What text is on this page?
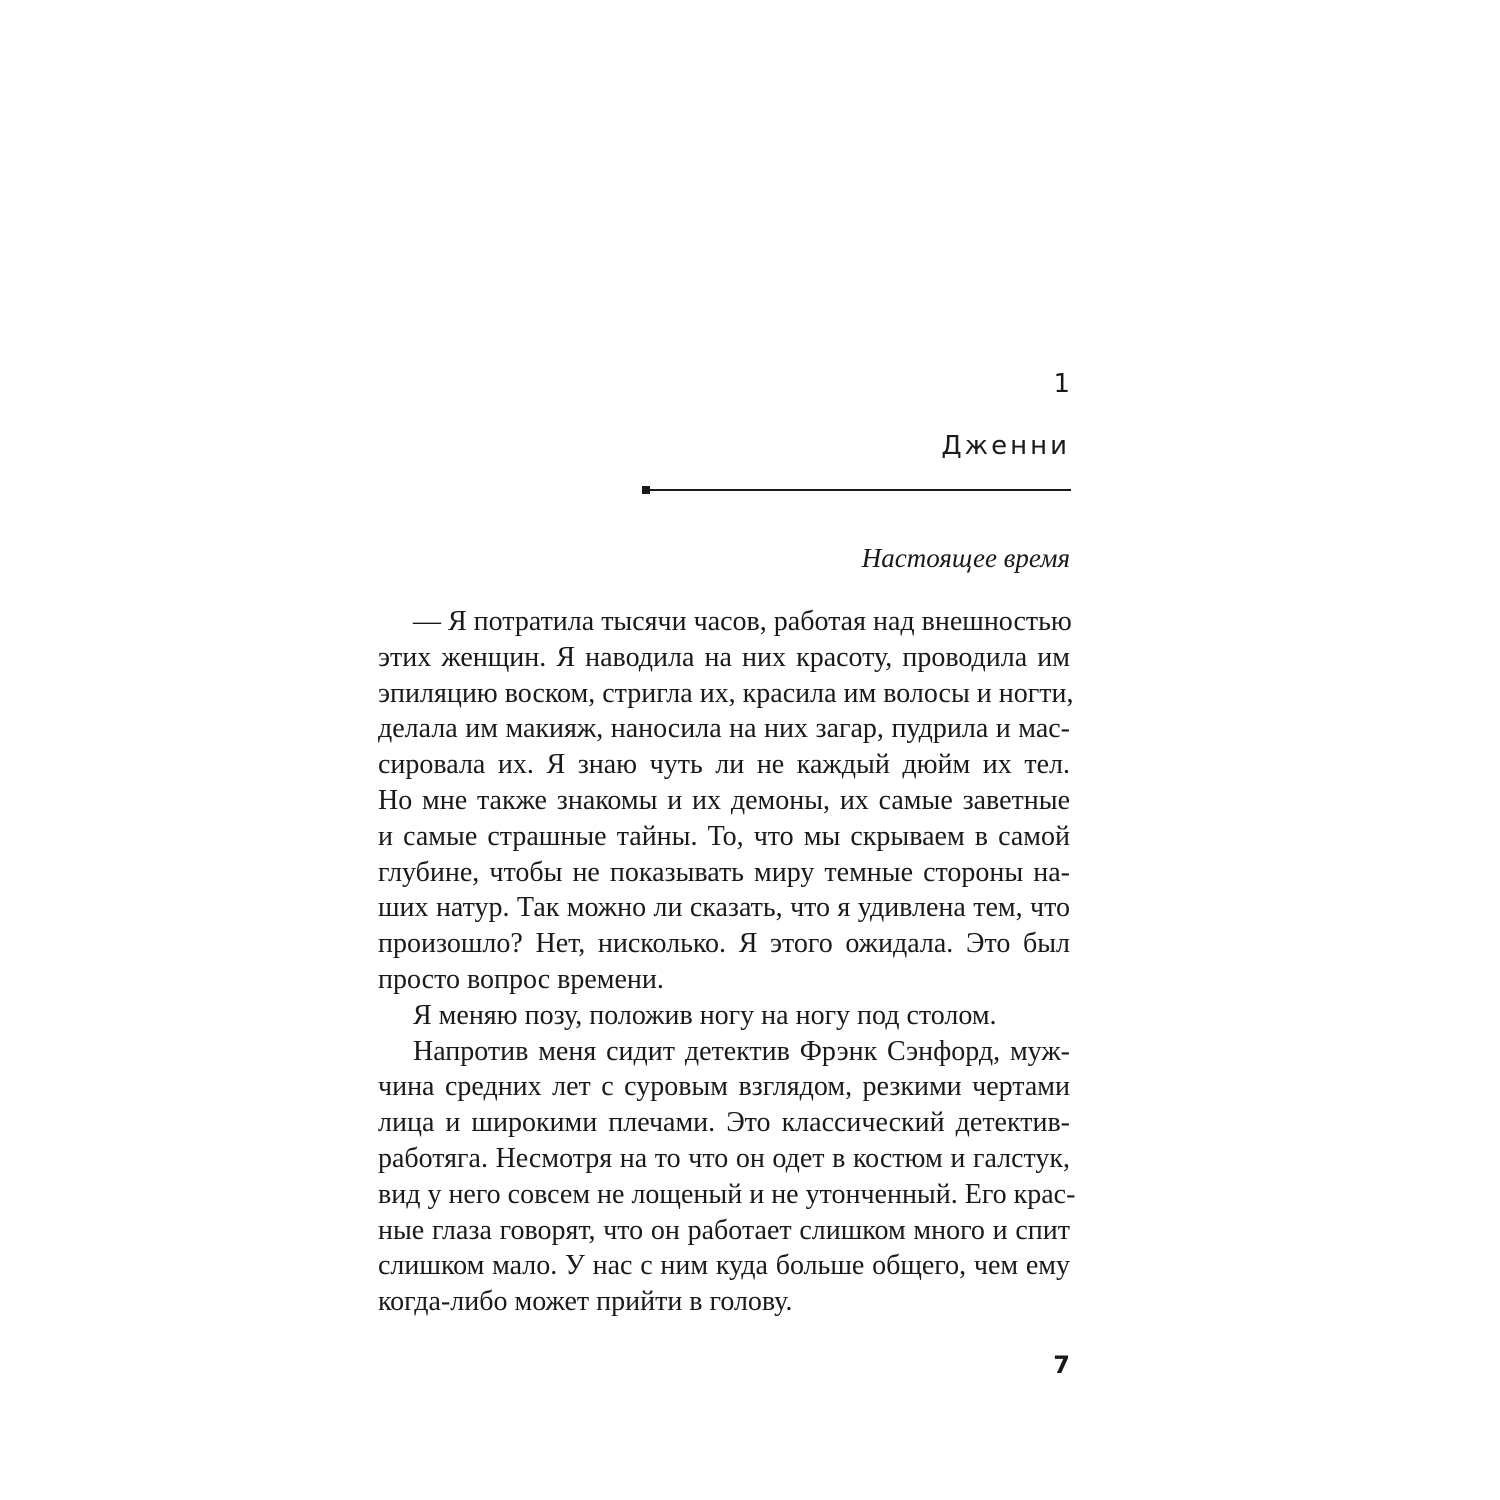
1
Дженни
Настоящее время

— Я потратила тысячи часов, работая над внешностью
этих женщин. Я наводила на них красоту, проводила им
эпиляцию воском, стригла их, красила им волосы и ногти,
делала им макияж, наносила на них загар, пудрила и мас-
сировала их. Я знаю чуть ли не каждый дюйм их тел.
Но мне также знакомы и их демоны, их самые заветные
и самые страшные тайны. То, что мы скрываем в самой
глубине, чтобы не показывать миру темные стороны на-
ших натур. Так можно ли сказать, что я удивлена тем, что
произошло? Нет, нисколько. Я этого ожидала. Это был
просто вопрос времени.

Я меняю позу, положив ногу на ногу под столом.

Напротив меня сидит детектив Фрэнк Сэнфорд, муж-
чина средних лет с суровым взглядом, резкими чертами
лица и широкими плечами. Это классический детектив-
работяга. Несмотря на то что он одет в костюм и галстук,
вид у него совсем не лощеный и не утонченный. Его крас-
ные глаза говорят, что он работает слишком много и спит
слишком мало. У нас с ним куда больше общего, чем ему
когда-либо может прийти в голову.

7
